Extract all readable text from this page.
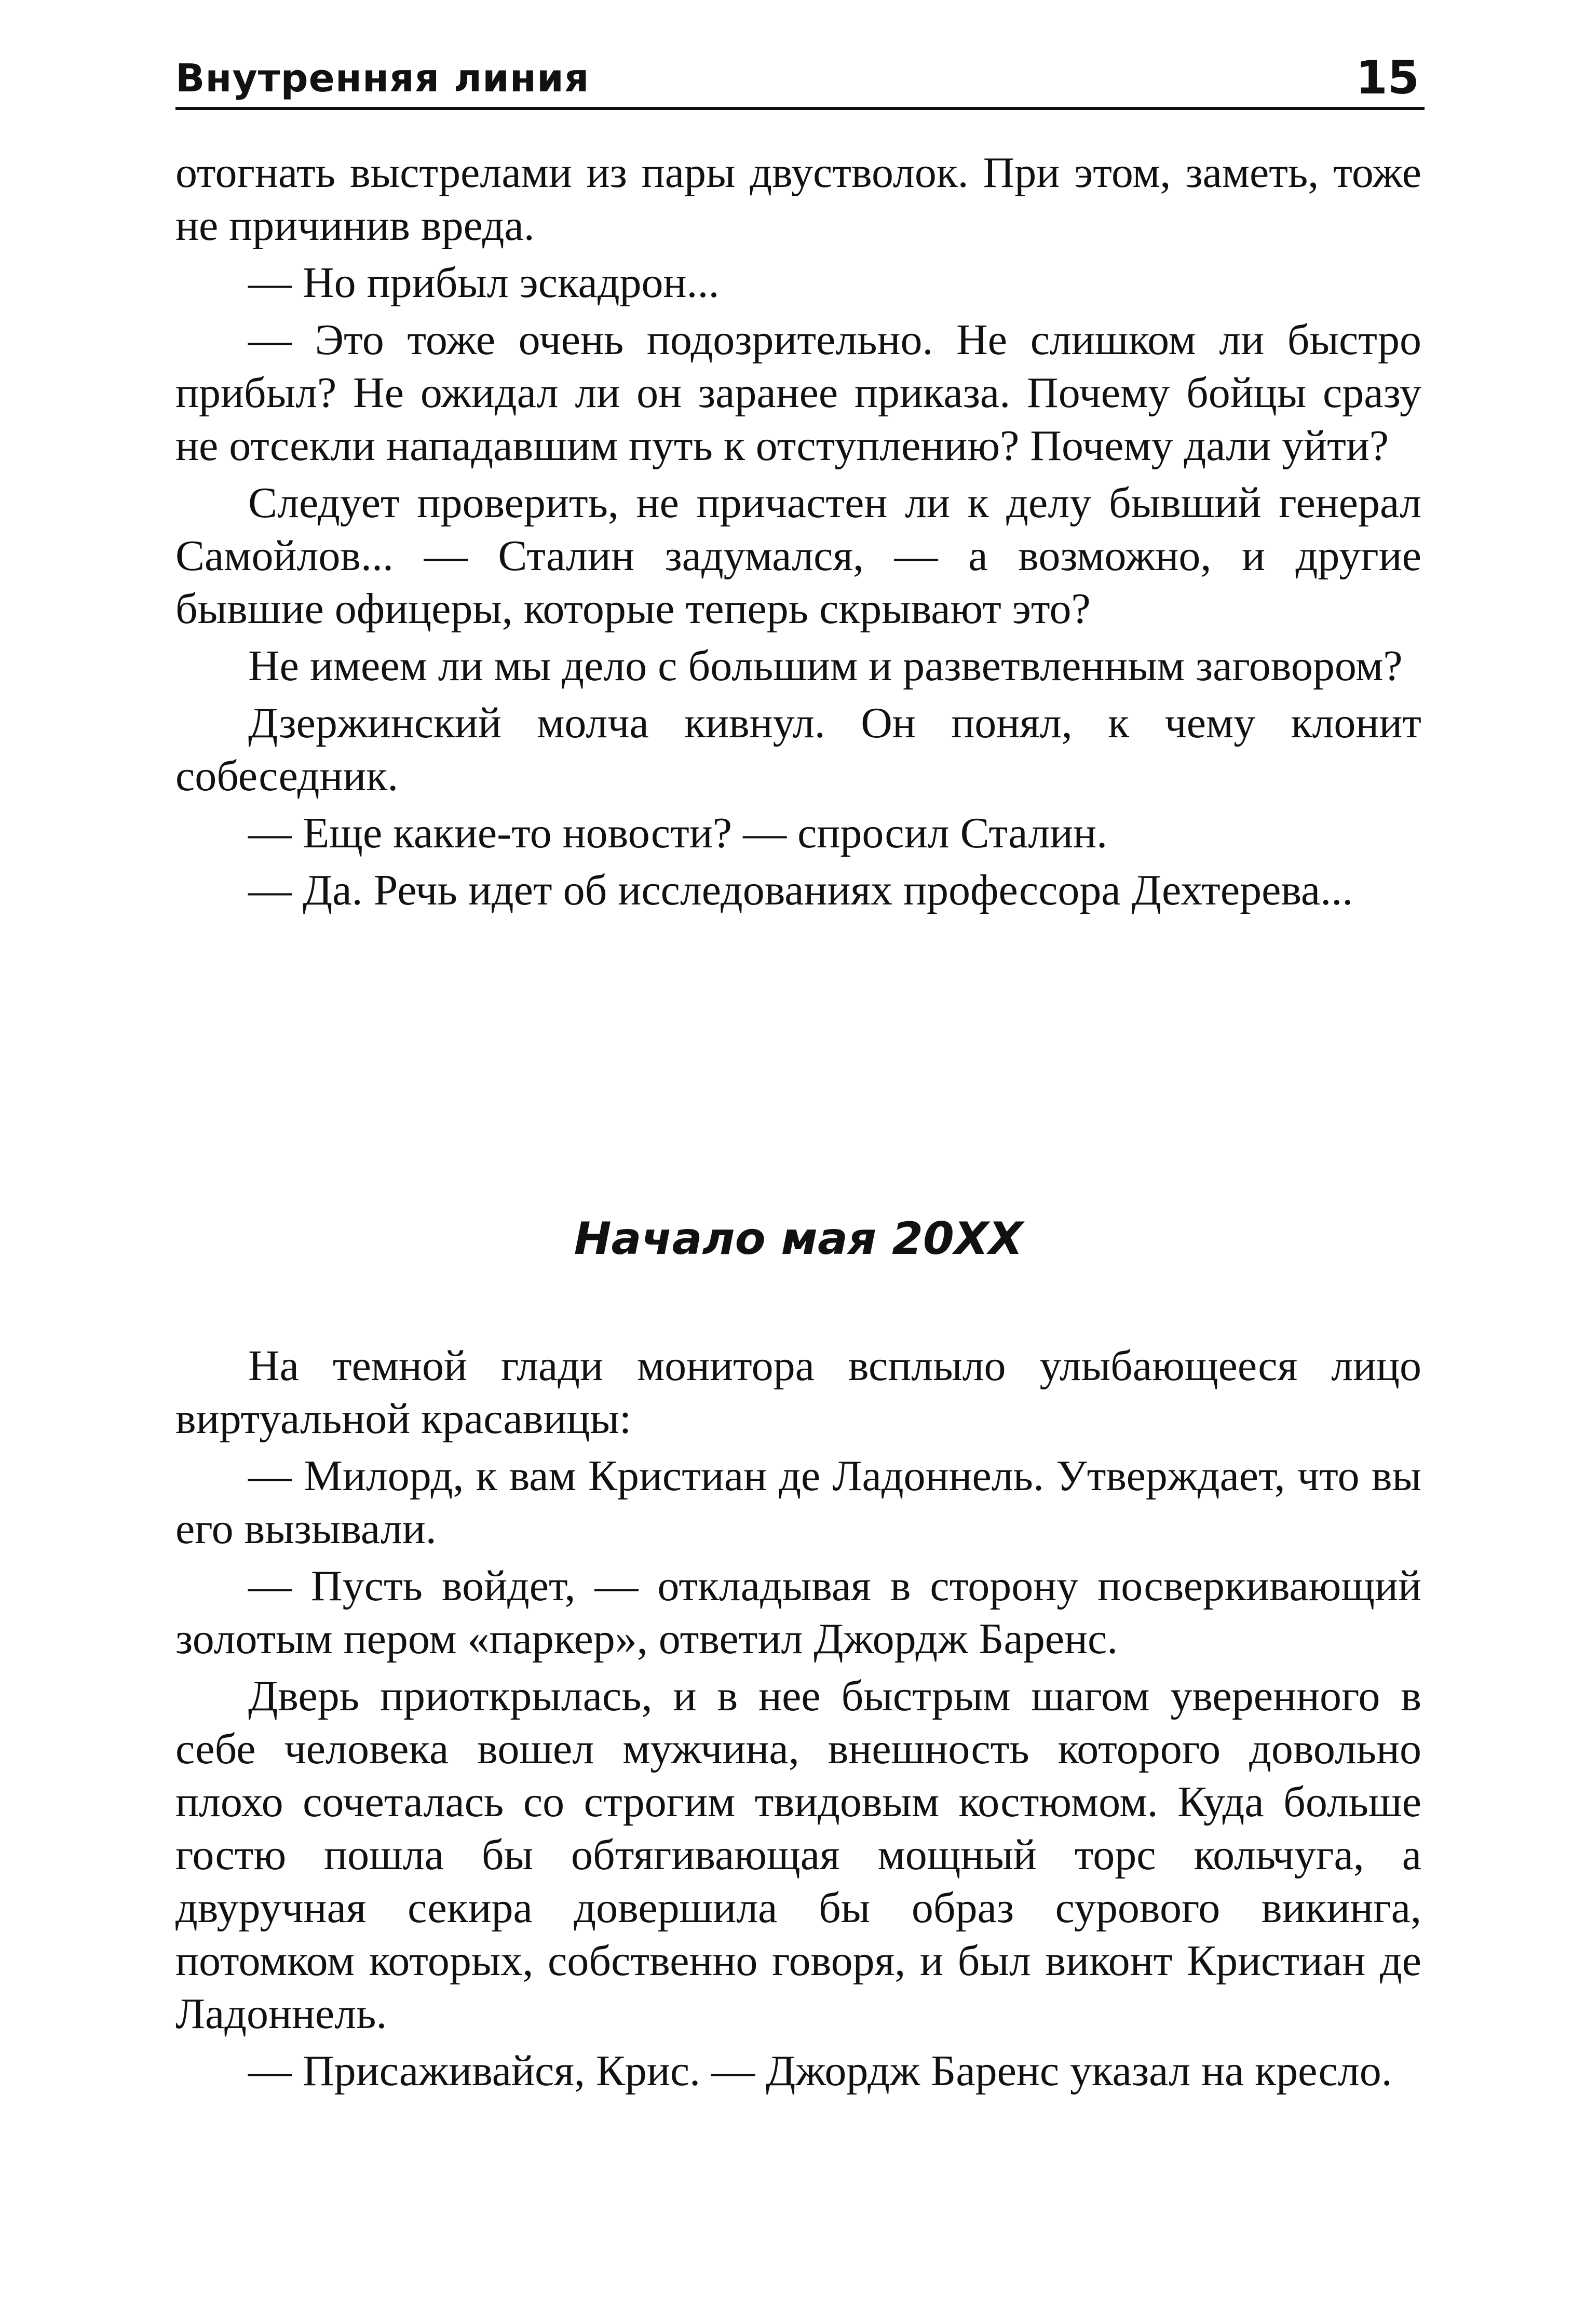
Внутренняя линия	15

отогнать выстрелами из пары двустволок. При этом, заметь, тоже не причинив вреда.

— Но прибыл эскадрон...

— Это тоже очень подозрительно. Не слишком ли быстро прибыл? Не ожидал ли он заранее приказа. Почему бойцы сразу не отсекли нападавшим путь к отступлению? Почему дали уйти?

Следует проверить, не причастен ли к делу бывший генерал Самойлов... — Сталин задумался, — а возможно, и другие бывшие офицеры, которые теперь скрывают это?

Не имеем ли мы дело с большим и разветвленным заговором?

Дзержинский молча кивнул. Он понял, к чему клонит собеседник.

— Еще какие-то новости? — спросил Сталин.

— Да. Речь идет об исследованиях профессора Дехтерева...

Начало мая 20XX

На темной глади монитора всплыло улыбающееся лицо виртуальной красавицы:

— Милорд, к вам Кристиан де Ладоннель. Утверждает, что вы его вызывали.

— Пусть войдет, — откладывая в сторону посверкивающий золотым пером «паркер», ответил Джордж Баренс.

Дверь приоткрылась, и в нее быстрым шагом уверенного в себе человека вошел мужчина, внешность которого довольно плохо сочеталась со строгим твидовым костюмом. Куда больше гостю пошла бы обтягивающая мощный торс кольчуга, а двуручная секира довершила бы образ сурового викинга, потомком которых, собственно говоря, и был виконт Кристиан де Ладоннель.

— Присаживайся, Крис. — Джордж Баренс указал на кресло.
